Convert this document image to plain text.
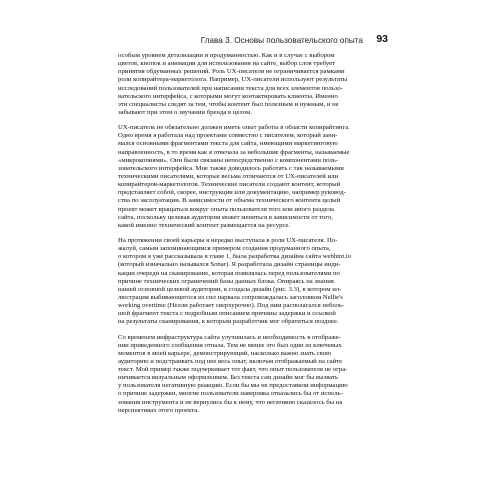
Глава 3. Основы пользовательского опыта 93
особым уровнем детализации и продуманностью. Как и в случае с выбором
цветов, кнопок и анимации для использования на сайте, выбор слов требует
принятия обдуманных решений. Роль UX-писателя не ограничивается рамками
роли копирайтера-маркетолога. Например, UX-писатели используют результаты
исследований пользователей при написании текста для всех элементов пользо-
вательского интерфейса, с которыми могут контактировать клиенты. Именно
эти специалисты следят за тем, чтобы контент был полезным и нужным, и не
забывают при этом о звучании бренда в целом.
UX-писатель не обязательно должен иметь опыт работы в области копирайтинга.
Одно время я работала над проектами совместно с писателем, который зани-
мался основными фрагментами текста для сайта, имеющими маркетинговую
направленность, в то время как я отвечала за небольшие фрагменты, называемые
«микрокопиями». Они были связаны непосредственно с компонентами поль-
зовательского интерфейса. Мне также доводилось работать с так называемыми
техническими писателями, которые весьма отличаются от UX-писателей или
копирайтеров-маркетологов. Технические писатели создают контент, который
представляет собой, скорее, инструкции или документацию, например руковод-
ства по эксплуатации. В зависимости от объема технического контента целый
проект может вращаться вокруг опыта пользователя того или иного раздела
сайта, поскольку целевая аудитория может меняться в зависимости от того,
какой именно технический контент размещается на ресурсе.
На протяжении своей карьеры я нередко выступала в роли UX-писателя. По-
жалуй, самым запоминающимся примером создания продуманного опыта,
о котором я уже рассказывала в главе 1, была разработка дизайна сайта webhint.io
(который изначально назывался Sonar). Я разработала дизайн страницы инди-
кации очереди на сканирование, которая появлялась перед пользователями по
причине технических ограничений базы данных блока. Опираясь на знания
нашей основной целевой аудитории, я создала дизайн (рис. 3.3), в котором ил-
люстрация выбивающегося из сил нарвала сопровождалась заголовком Nellie's
working overtime (Нелли работает сверхурочно). Под ним располагался неболь-
шой фрагмент текста с подробным описанием причины задержки и ссылкой
на результаты сканирования, к которым разработчик мог обратиться позднее.
Со временем инфраструктура сайта улучшилась и необходимость в отображе-
нии приведенного сообщения отпала. Тем не менее это был один из ключевых
моментов в моей карьере, демонстрирующий, насколько важно знать свою
аудиторию и подстраивать под нее весь опыт, включая отображаемый на сайте
текст. Мой пример также подчеркивает тот факт, что опыт пользователя не огра-
ничивается визуальным оформлением. Без текста сам дизайн мог бы вызвать
у пользователя негативную реакцию. Если бы мы не предоставили информацию
о причине задержки, многие пользователи наверняка отказались бы от исполь-
зования инструмента и не вернулись бы к нему, что негативно сказалось бы на
перспективах этого проекта.
